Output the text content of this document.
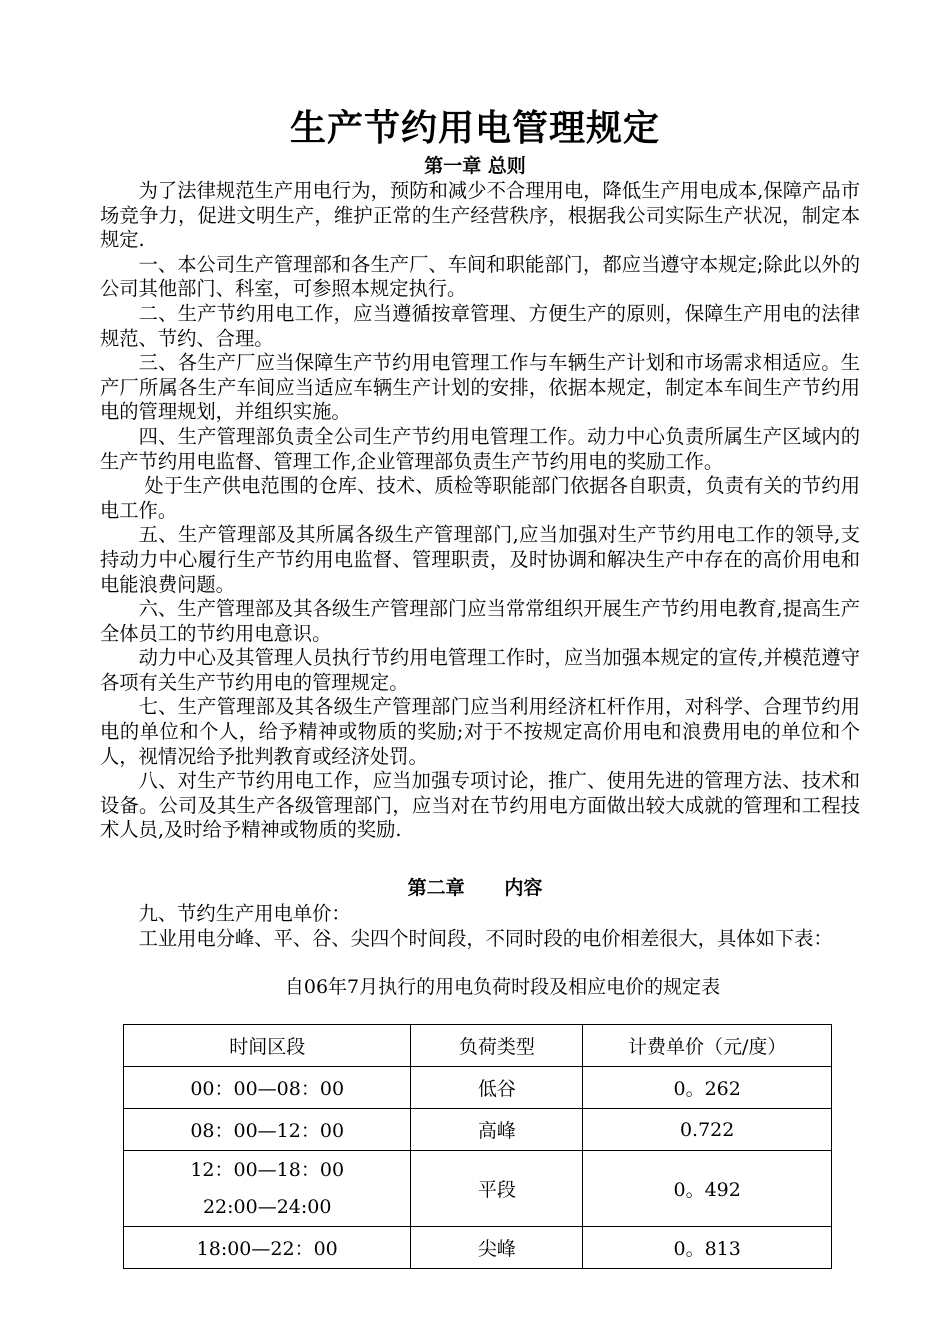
生产节约用电管理规定
第一章 总则

为了法律规范生产用电行为，预防和减少不合理用电，降低生产用电成本,保障产品市场竞争力，促进文明生产，维护正常的生产经营秩序，根据我公司实际生产状况，制定本规定.

一、本公司生产管理部和各生产厂、车间和职能部门，都应当遵守本规定;除此以外的公司其他部门、科室，可参照本规定执行。

二、生产节约用电工作，应当遵循按章管理、方便生产的原则，保障生产用电的法律规范、节约、合理。

三、各生产厂应当保障生产节约用电管理工作与车辆生产计划和市场需求相适应。生产厂所属各生产车间应当适应车辆生产计划的安排，依据本规定，制定本车间生产节约用电的管理规划，并组织实施。

四、生产管理部负责全公司生产节约用电管理工作。动力中心负责所属生产区域内的生产节约用电监督、管理工作,企业管理部负责生产节约用电的奖励工作。

处于生产供电范围的仓库、技术、质检等职能部门依据各自职责，负责有关的节约用电工作。

五、生产管理部及其所属各级生产管理部门,应当加强对生产节约用电工作的领导,支持动力中心履行生产节约用电监督、管理职责，及时协调和解决生产中存在的高价用电和电能浪费问题。

六、生产管理部及其各级生产管理部门应当常常组织开展生产节约用电教育,提高生产全体员工的节约用电意识。

动力中心及其管理人员执行节约用电管理工作时，应当加强本规定的宣传,并模范遵守各项有关生产节约用电的管理规定。

七、生产管理部及其各级生产管理部门应当利用经济杠杆作用，对科学、合理节约用电的单位和个人，给予精神或物质的奖励;对于不按规定高价用电和浪费用电的单位和个人，视情况给予批判教育或经济处罚。

八、对生产节约用电工作，应当加强专项讨论，推广、使用先进的管理方法、技术和设备。公司及其生产各级管理部门，应当对在节约用电方面做出较大成就的管理和工程技术人员,及时给予精神或物质的奖励.

第二章      内容

九、节约生产用电单价：

工业用电分峰、平、谷、尖四个时间段，不同时段的电价相差很大，具体如下表：

自06年7月执行的用电负荷时段及相应电价的规定表
时间区段	负荷类型	计费单价（元/度）
00：00—08：00	低谷	0。262
08：00—12：00	高峰	0.722

12：00—18：00
22:00—24:00	平段	0。492
18:00—22：00	尖峰	0。813
